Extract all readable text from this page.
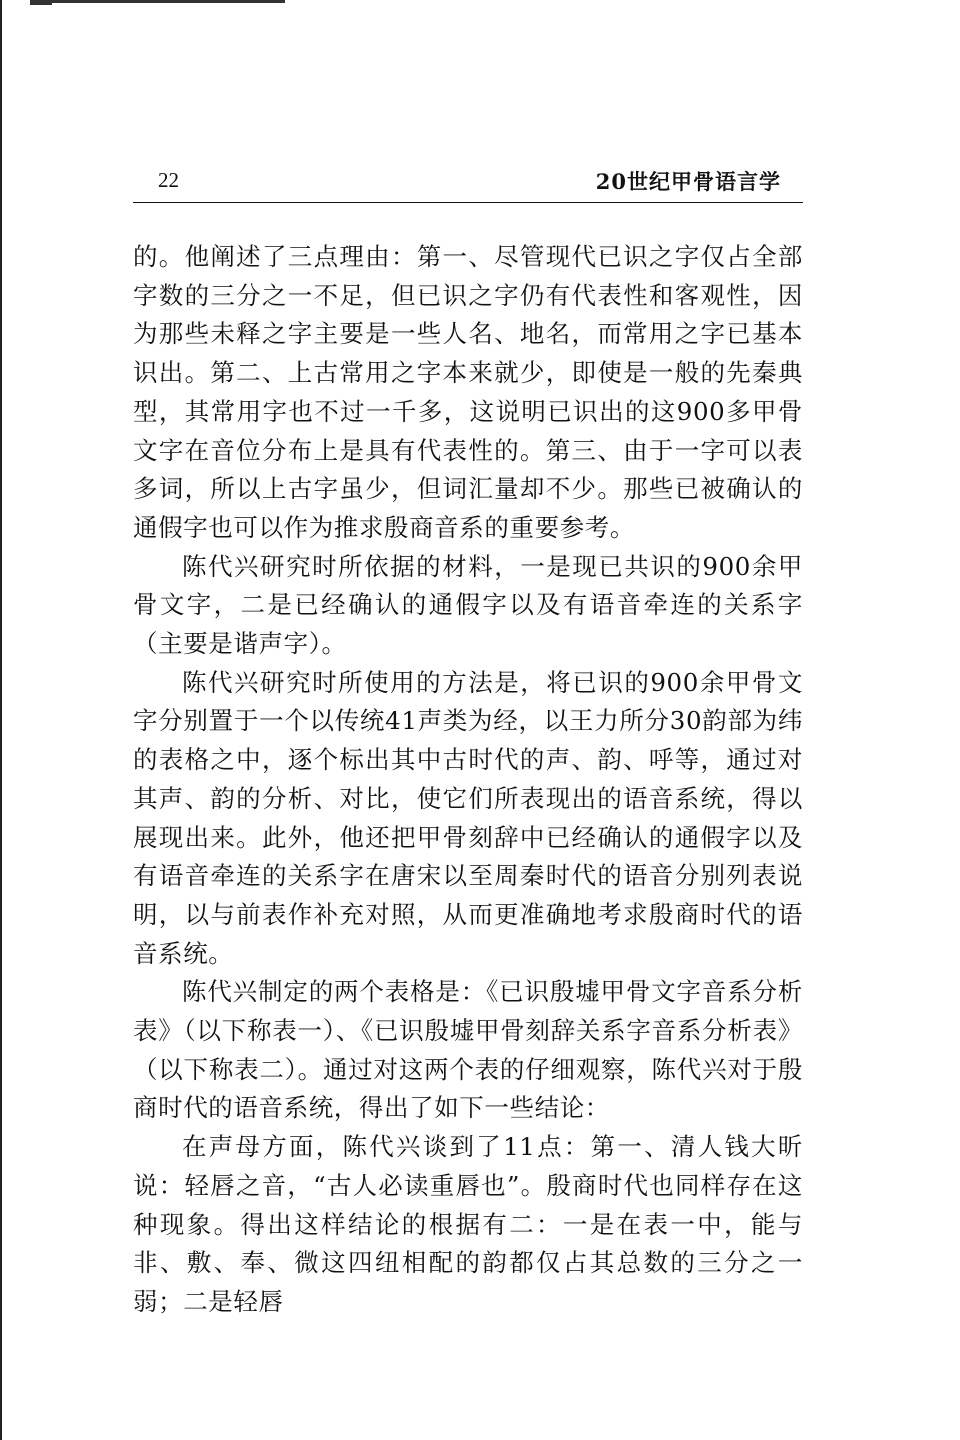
22	20世纪甲骨语言学

的。他阐述了三点理由：第一、尽管现代已识之字仅占全部字数的三分之一不足，但已识之字仍有代表性和客观性，因为那些未释之字主要是一些人名、地名，而常用之字已基本识出。第二、上古常用之字本来就少，即使是一般的先秦典型，其常用字也不过一千多，这说明已识出的这900多甲骨文字在音位分布上是具有代表性的。第三、由于一字可以表多词，所以上古字虽少，但词汇量却不少。那些已被确认的通假字也可以作为推求殷商音系的重要参考。

陈代兴研究时所依据的材料，一是现已共识的900余甲骨文字，二是已经确认的通假字以及有语音牵连的关系字（主要是谐声字）。

陈代兴研究时所使用的方法是，将已识的900余甲骨文字分别置于一个以传统41声类为经，以王力所分30韵部为纬的表格之中，逐个标出其中古时代的声、韵、呼等，通过对其声、韵的分析、对比，使它们所表现出的语音系统，得以展现出来。此外，他还把甲骨刻辞中已经确认的通假字以及有语音牵连的关系字在唐宋以至周秦时代的语音分别列表说明，以与前表作补充对照，从而更准确地考求殷商时代的语音系统。

陈代兴制定的两个表格是：《已识殷墟甲骨文字音系分析表》（以下称表一）、《已识殷墟甲骨刻辞关系字音系分析表》（以下称表二）。通过对这两个表的仔细观察，陈代兴对于殷商时代的语音系统，得出了如下一些结论：

在声母方面，陈代兴谈到了11点：第一、清人钱大昕说：轻唇之音，“古人必读重唇也”。殷商时代也同样存在这种现象。得出这样结论的根据有二：一是在表一中，能与非、敷、奉、微这四纽相配的韵都仅占其总数的三分之一弱；二是轻唇
